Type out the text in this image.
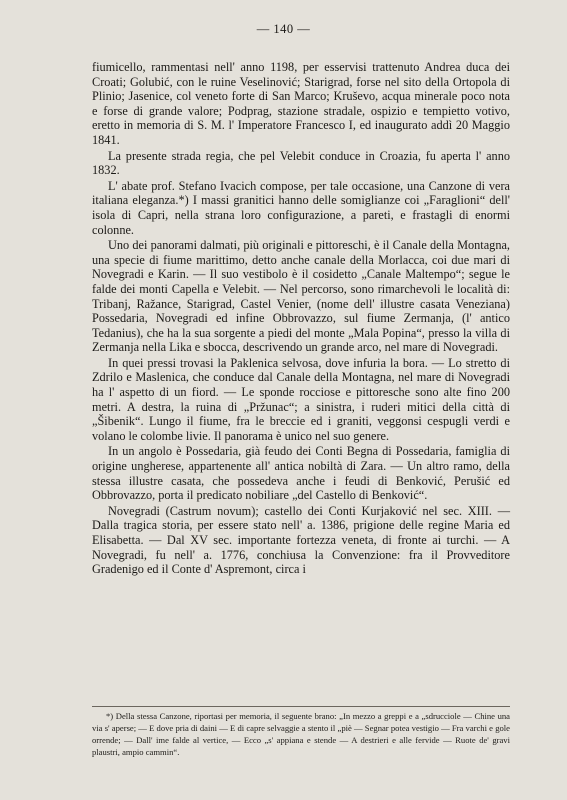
— 140 —

fiumicello, rammentasi nell' anno 1198, per esservisi trattenuto Andrea duca dei Croati; Golubić, con le ruine Veselinović; Starigrad, forse nel sito della Ortopola di Plinio; Jasenice, col veneto forte di San Marco; Kruševo, acqua minerale poco nota e forse di grande valore; Podprag, stazione stradale, ospizio e tempietto votivo, eretto in memoria di S. M. l' Imperatore Francesco I, ed inaugurato addì 20 Maggio 1841.

La presente strada regia, che pel Velebit conduce in Croazia, fu aperta l' anno 1832.

L' abate prof. Stefano Ivacich compose, per tale occasione, una Canzone di vera italiana eleganza.*) I massi granitici hanno delle somiglianze coi „Faraglioni“ dell' isola di Capri, nella strana loro configurazione, a pareti, e frastagli di enormi colonne.

Uno dei panorami dalmati, più originali e pittoreschi, è il Canale della Montagna, una specie di fiume marittimo, detto anche canale della Morlacca, coi due mari di Novegradi e Karin. — Il suo vestibolo è il cosidetto „Canale Maltempo“; segue le falde dei monti Capella e Velebit. — Nel percorso, sono rimarchevoli le località di: Tribanj, Ražance, Starigrad, Castel Venier, (nome dell' illustre casata Veneziana) Possedaria, Novegradi ed infine Obbrovazzo, sul fiume Zermanja, (l' antico Tedanius), che ha la sua sorgente a piedi del monte „Mala Popina“, presso la villa di Zermanja nella Lika e sbocca, descrivendo un grande arco, nel mare di Novegradi.

In quei pressi trovasi la Paklenica selvosa, dove infuria la bora. — Lo stretto di Zdrilo e Maslenica, che conduce dal Canale della Montagna, nel mare di Novegradi ha l' aspetto di un fiord. — Le sponde rocciose e pittoresche sono alte fino 200 metri. A destra, la ruina di „Pržunac“; a sinistra, i ruderi mitici della città di „Šibenik“. Lungo il fiume, fra le breccie ed i graniti, veggonsi cespugli verdi e volano le colombe livie. Il panorama è unico nel suo genere.

In un angolo è Possedaria, già feudo dei Conti Begna di Possedaria, famiglia di origine ungherese, appartenente all' antica nobiltà di Zara. — Un altro ramo, della stessa illustre casata, che possedeva anche i feudi di Benković, Perušić ed Obbrovazzo, porta il predicato nobiliare „del Castello di Benković“.

Novegradi (Castrum novum); castello dei Conti Kurjaković nel sec. XIII. — Dalla tragica storia, per essere stato nell' a. 1386, prigione delle regine Maria ed Elisabetta. — Dal XV sec. importante fortezza veneta, di fronte ai turchi. — A Novegradi, fu nell' a. 1776, conchiusa la Convenzione: fra il Provveditore Gradenigo ed il Conte d' Aspremont, circa i

*) Della stessa Canzone, riportasi per memoria, il seguente brano: „In mezzo a greppi e a „sdrucciole — Chine una via s' aperse; — E dove pria di daini — E di capre selvaggie a stento il „piè — Segnar potea vestigio — Fra varchi e gole orrende; — Dall' ime falde al vertice, — Ecco „s' appiana e stende — A destrieri e alle fervide — Ruote de' gravi plaustri, ampio cammin“.
